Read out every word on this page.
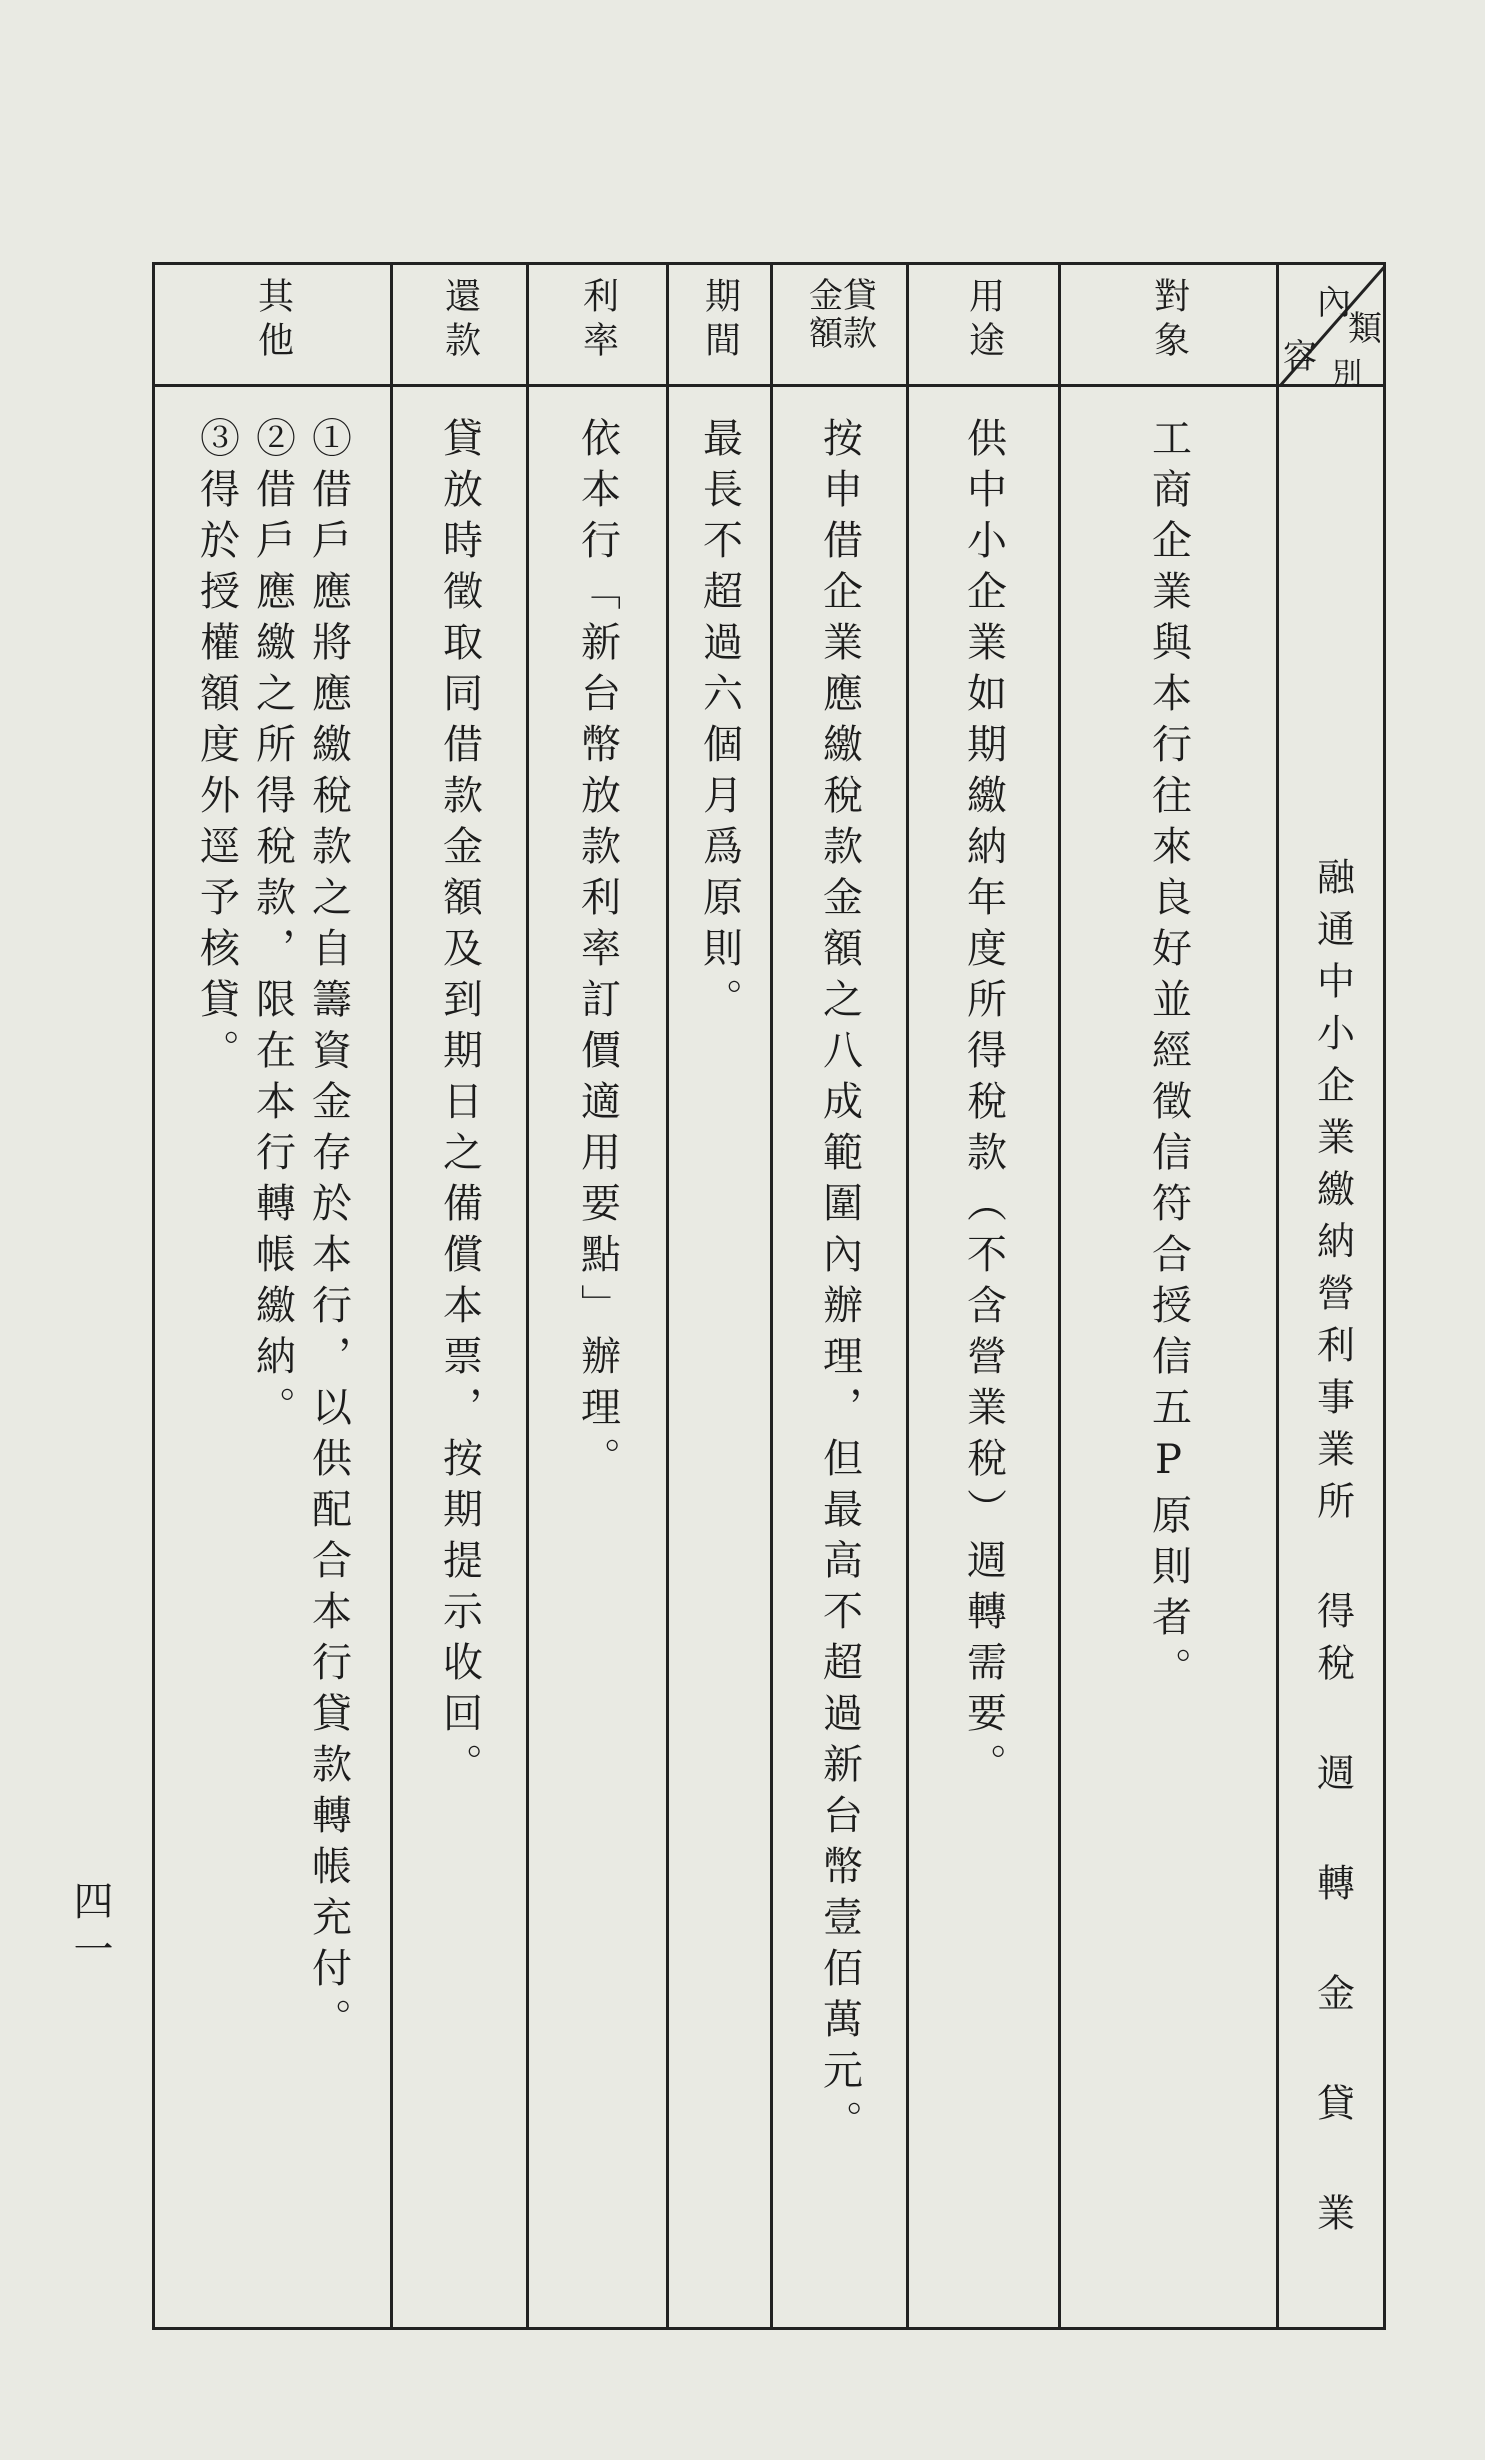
內
容
類
別
融通中小企業繳納營利事業所 得稅 週 轉 金 貸 業
對象
工商企業與本行往來良好並經徵信符合授信五P原則者。
用途
供中小企業如期繳納年度所得稅款（不含營業稅）週轉需要。
貸款金額
按申借企業應繳稅款金額之八成範圍內辦理，但最高不超過新台幣壹佰萬元。
期間
最長不超過六個月爲原則。
利率
依本行「新台幣放款利率訂價適用要點」辦理。
還款
貸放時徵取同借款金額及到期日之備償本票，按期提示收回。
其他
①借戶應將應繳稅款之自籌資金存於本行，以供配合本行貸款轉帳充付。
②借戶應繳之所得稅款，限在本行轉帳繳納。
③得於授權額度外逕予核貸。
四一
